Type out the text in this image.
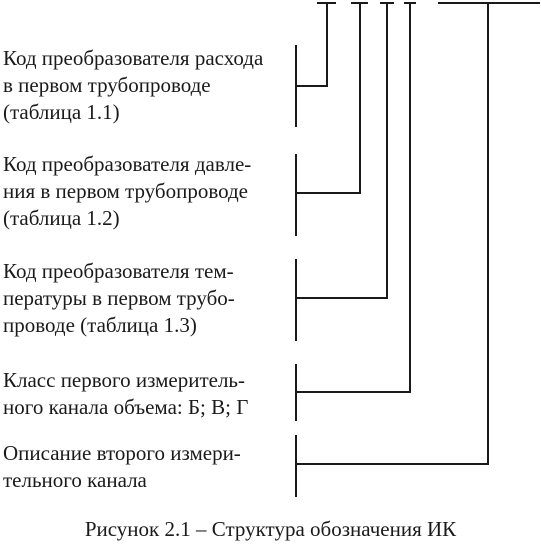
Код преобразователя расхода
в первом трубопроводе
(таблица 1.1)
Код преобразователя давле-
ния в первом трубопроводе
(таблица 1.2)
Код преобразователя тем-
пературы в первом трубо-
проводе (таблица 1.3)
Класс первого измеритель-
ного канала объема: Б; В; Г
Описание второго измери-
тельного канала
Рисунок 2.1 – Структура обозначения ИК
